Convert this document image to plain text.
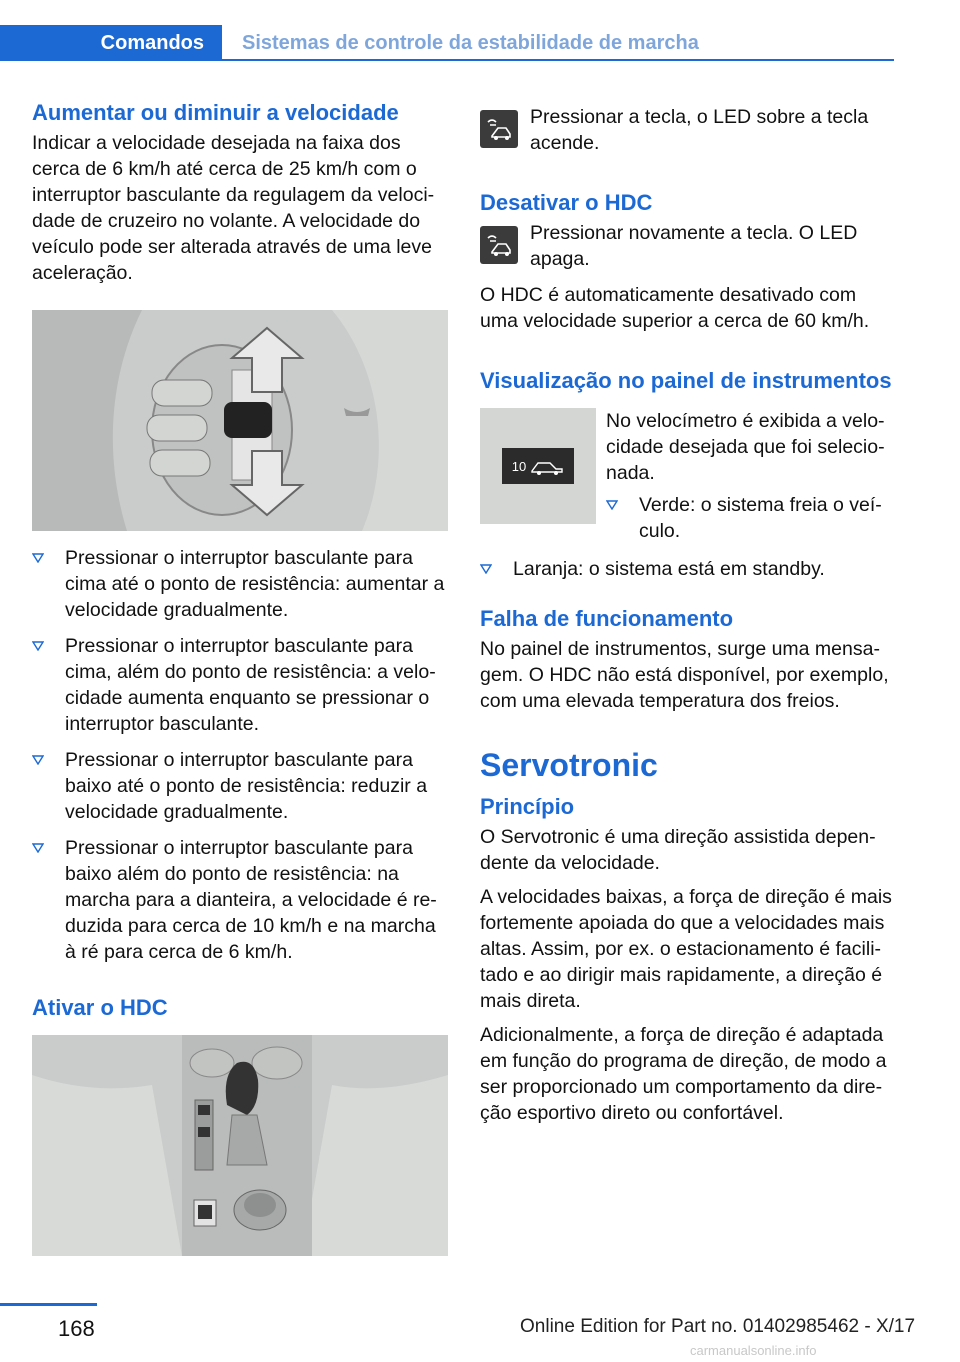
Comandos	Sistemas de controle da estabilidade de marcha
Aumentar ou diminuir a velocidade

Indicar a velocidade desejada na faixa dos cerca de 6 km/h até cerca de 25 km/h com o interruptor basculante da regulagem da veloci‐dade de cruzeiro no volante. A velocidade do veículo pode ser alterada através de uma leve aceleração.

Pressionar o interruptor basculante para cima até o ponto de resistência: aumentar a velocidade gradualmente.
Pressionar o interruptor basculante para cima, além do ponto de resistência: a velo‐cidade aumenta enquanto se pressionar o interruptor basculante.
Pressionar o interruptor basculante para baixo até o ponto de resistência: reduzir a velocidade gradualmente.
Pressionar o interruptor basculante para baixo além do ponto de resistência: na marcha para a dianteira, a velocidade é re‐duzida para cerca de 10 km/h e na marcha à ré para cerca de 6 km/h.
Ativar o HDC

Pressionar a tecla, o LED sobre a tecla acende.

Desativar o HDC

Pressionar novamente a tecla. O LED apaga.

O HDC é automaticamente desativado com uma velocidade superior a cerca de 60 km/h.

Visualização no painel de instrumentos
10

No velocímetro é exibida a velo‐cidade desejada que foi selecio‐nada.

Verde: o sistema freia o veí‐culo.
Laranja: o sistema está em standby.
Falha de funcionamento

No painel de instrumentos, surge uma mensa‐gem. O HDC não está disponível, por exemplo, com uma elevada temperatura dos freios.

Servotronic
Princípio

O Servotronic é uma direção assistida depen‐dente da velocidade.

A velocidades baixas, a força de direção é mais fortemente apoiada do que a velocidades mais altas. Assim, por ex. o estacionamento é facili‐tado e ao dirigir mais rapidamente, a direção é mais direta.

Adicionalmente, a força de direção é adaptada em função do programa de direção, de modo a ser proporcionado um comportamento da dire‐ção esportivo direto ou confortável.

168	Online Edition for Part no. 01402985462 - X/17
carmanualsonline.info
